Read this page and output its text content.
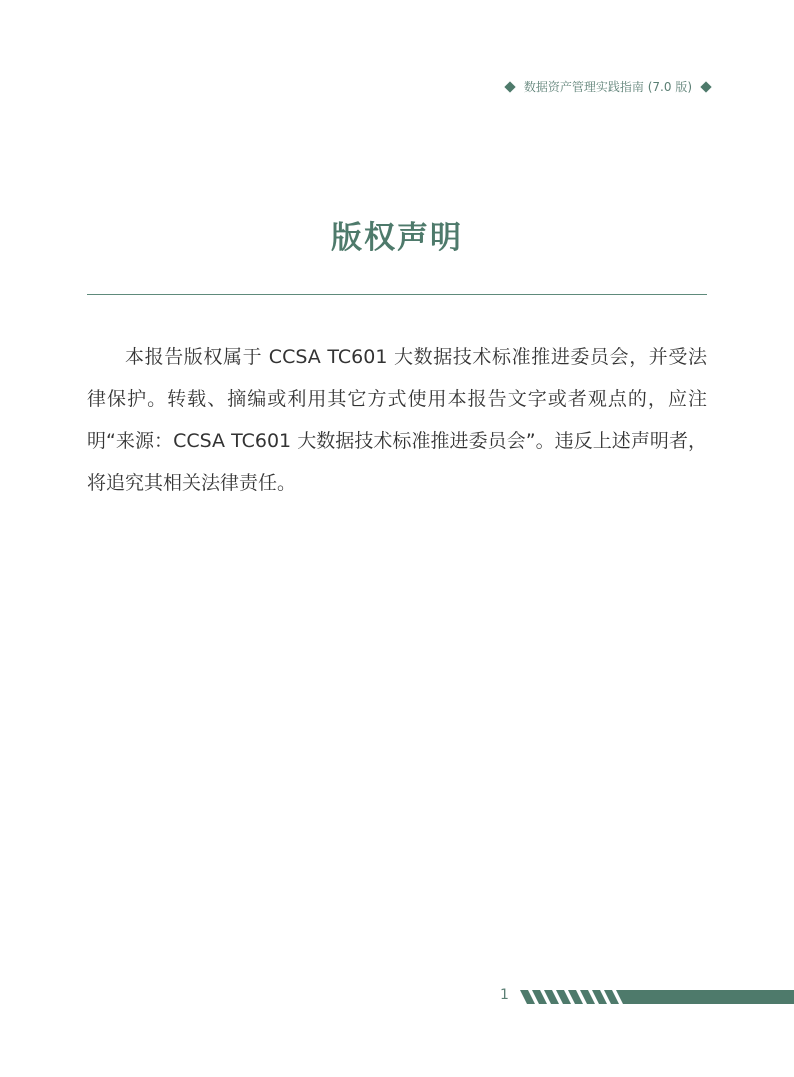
数据资产管理实践指南 (7.0 版)
版权声明

本报告版权属于 CCSA TC601 大数据技术标准推进委员会，并受法律保护。转载、摘编或利用其它方式使用本报告文字或者观点的，应注明“来源：CCSA TC601 大数据技术标准推进委员会”。违反上述声明者，将追究其相关法律责任。

1
